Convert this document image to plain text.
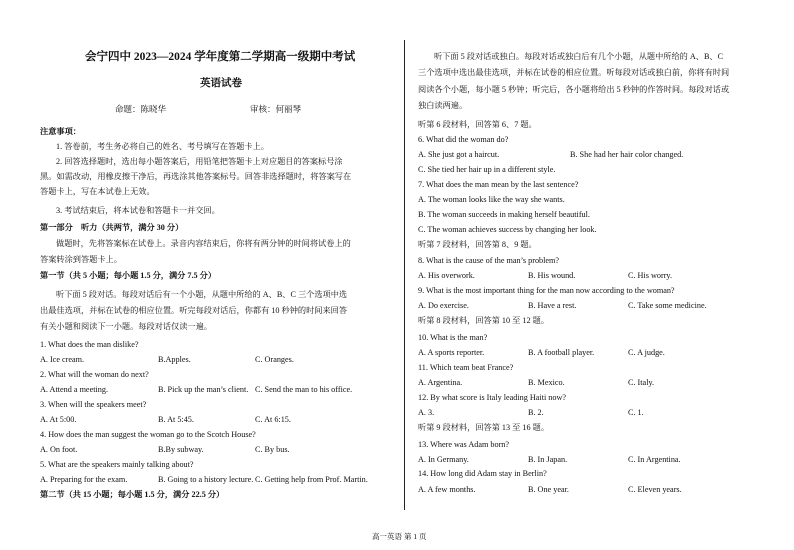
会宁四中 2023—2024 学年度第二学期高一级期中考试
英语试卷
命题：陈晓华	审核：何丽琴
注意事项：
1. 答卷前，考生务必将自己的姓名、考号填写在答题卡上。
2. 回答选择题时，选出每小题答案后，用铅笔把答题卡上对应题目的答案标号涂
黑。如需改动，用橡皮擦干净后，再选涂其他答案标号。回答非选择题时，将答案写在
答题卡上，写在本试卷上无效。
3. 考试结束后，将本试卷和答题卡一并交回。
第一部分　听力（共两节，满分 30 分）
做题时，先将答案标在试卷上。录音内容结束后，你将有两分钟的时间将试卷上的
答案转涂到答题卡上。
第一节（共 5 小题；每小题 1.5 分，满分 7.5 分）
听下面 5 段对话。每段对话后有一个小题，从题中所给的 A、B、C 三个选项中选
出最佳选项，并标在试卷的相应位置。听完每段对话后，你都有 10 秒钟的时间来回答
有关小题和阅读下一小题。每段对话仅读一遍。
1. What does the man dislike?
A. Ice cream.	B.Apples.	C. Oranges.
2. What will the woman do next?
A. Attend a meeting.	B. Pick up the man’s client. C. Send the man to his office.
3. When will the speakers meet?
A. At 5:00.	B. At 5:45.	C. At 6:15.
4. How does the man suggest the woman go to the Scotch House?
A. On foot.	B.By subway.	C. By bus.
5. What are the speakers mainly talking about?
A. Preparing for the exam.	B. Going to a history lecture. C. Getting help from Prof. Martin.
第二节（共 15 小题；每小题 1.5 分，满分 22.5 分）
听下面 5 段对话或独白。每段对话或独白后有几个小题，从题中所给的 A、B、C
三个选项中选出最佳选项，并标在试卷的相应位置。听每段对话或独白前，你将有时间
阅读各个小题，每小题 5 秒钟；听完后，各小题将给出 5 秒钟的作答时间。每段对话或
独白读两遍。
听第 6 段材料，回答第 6、7 题。
6. What did the woman do?
A. She just got a haircut.	B. She had her hair color changed.
C. She tied her hair up in a different style.
7. What does the man mean by the last sentence?
A. The woman looks like the way she wants.
B. The woman succeeds in making herself beautiful.
C. The woman achieves success by changing her look.
听第 7 段材料，回答第 8、9 题。
8. What is the cause of the man’s problem?
A. His overwork.	B. His wound.	C. His worry.
9. What is the most important thing for the man now according to the woman?
A. Do exercise.	B. Have a rest.	C. Take some medicine.
听第 8 段材料，回答第 10 至 12 题。
10. What is the man?
A. A sports reporter.	B. A football player.	C. A judge.
11. Which team beat France?
A. Argentina.	B. Mexico.	C. Italy.
12. By what score is Italy leading Haiti now?
A. 3.	B. 2.	C. 1.
听第 9 段材料，回答第 13 至 16 题。
13. Where was Adam born?
A. In Germany.	B. In Japan.	C. In Argentina.
14. How long did Adam stay in Berlin?
A. A few months.	B. One year.	C. Eleven years.
高一英语 第 1 页
